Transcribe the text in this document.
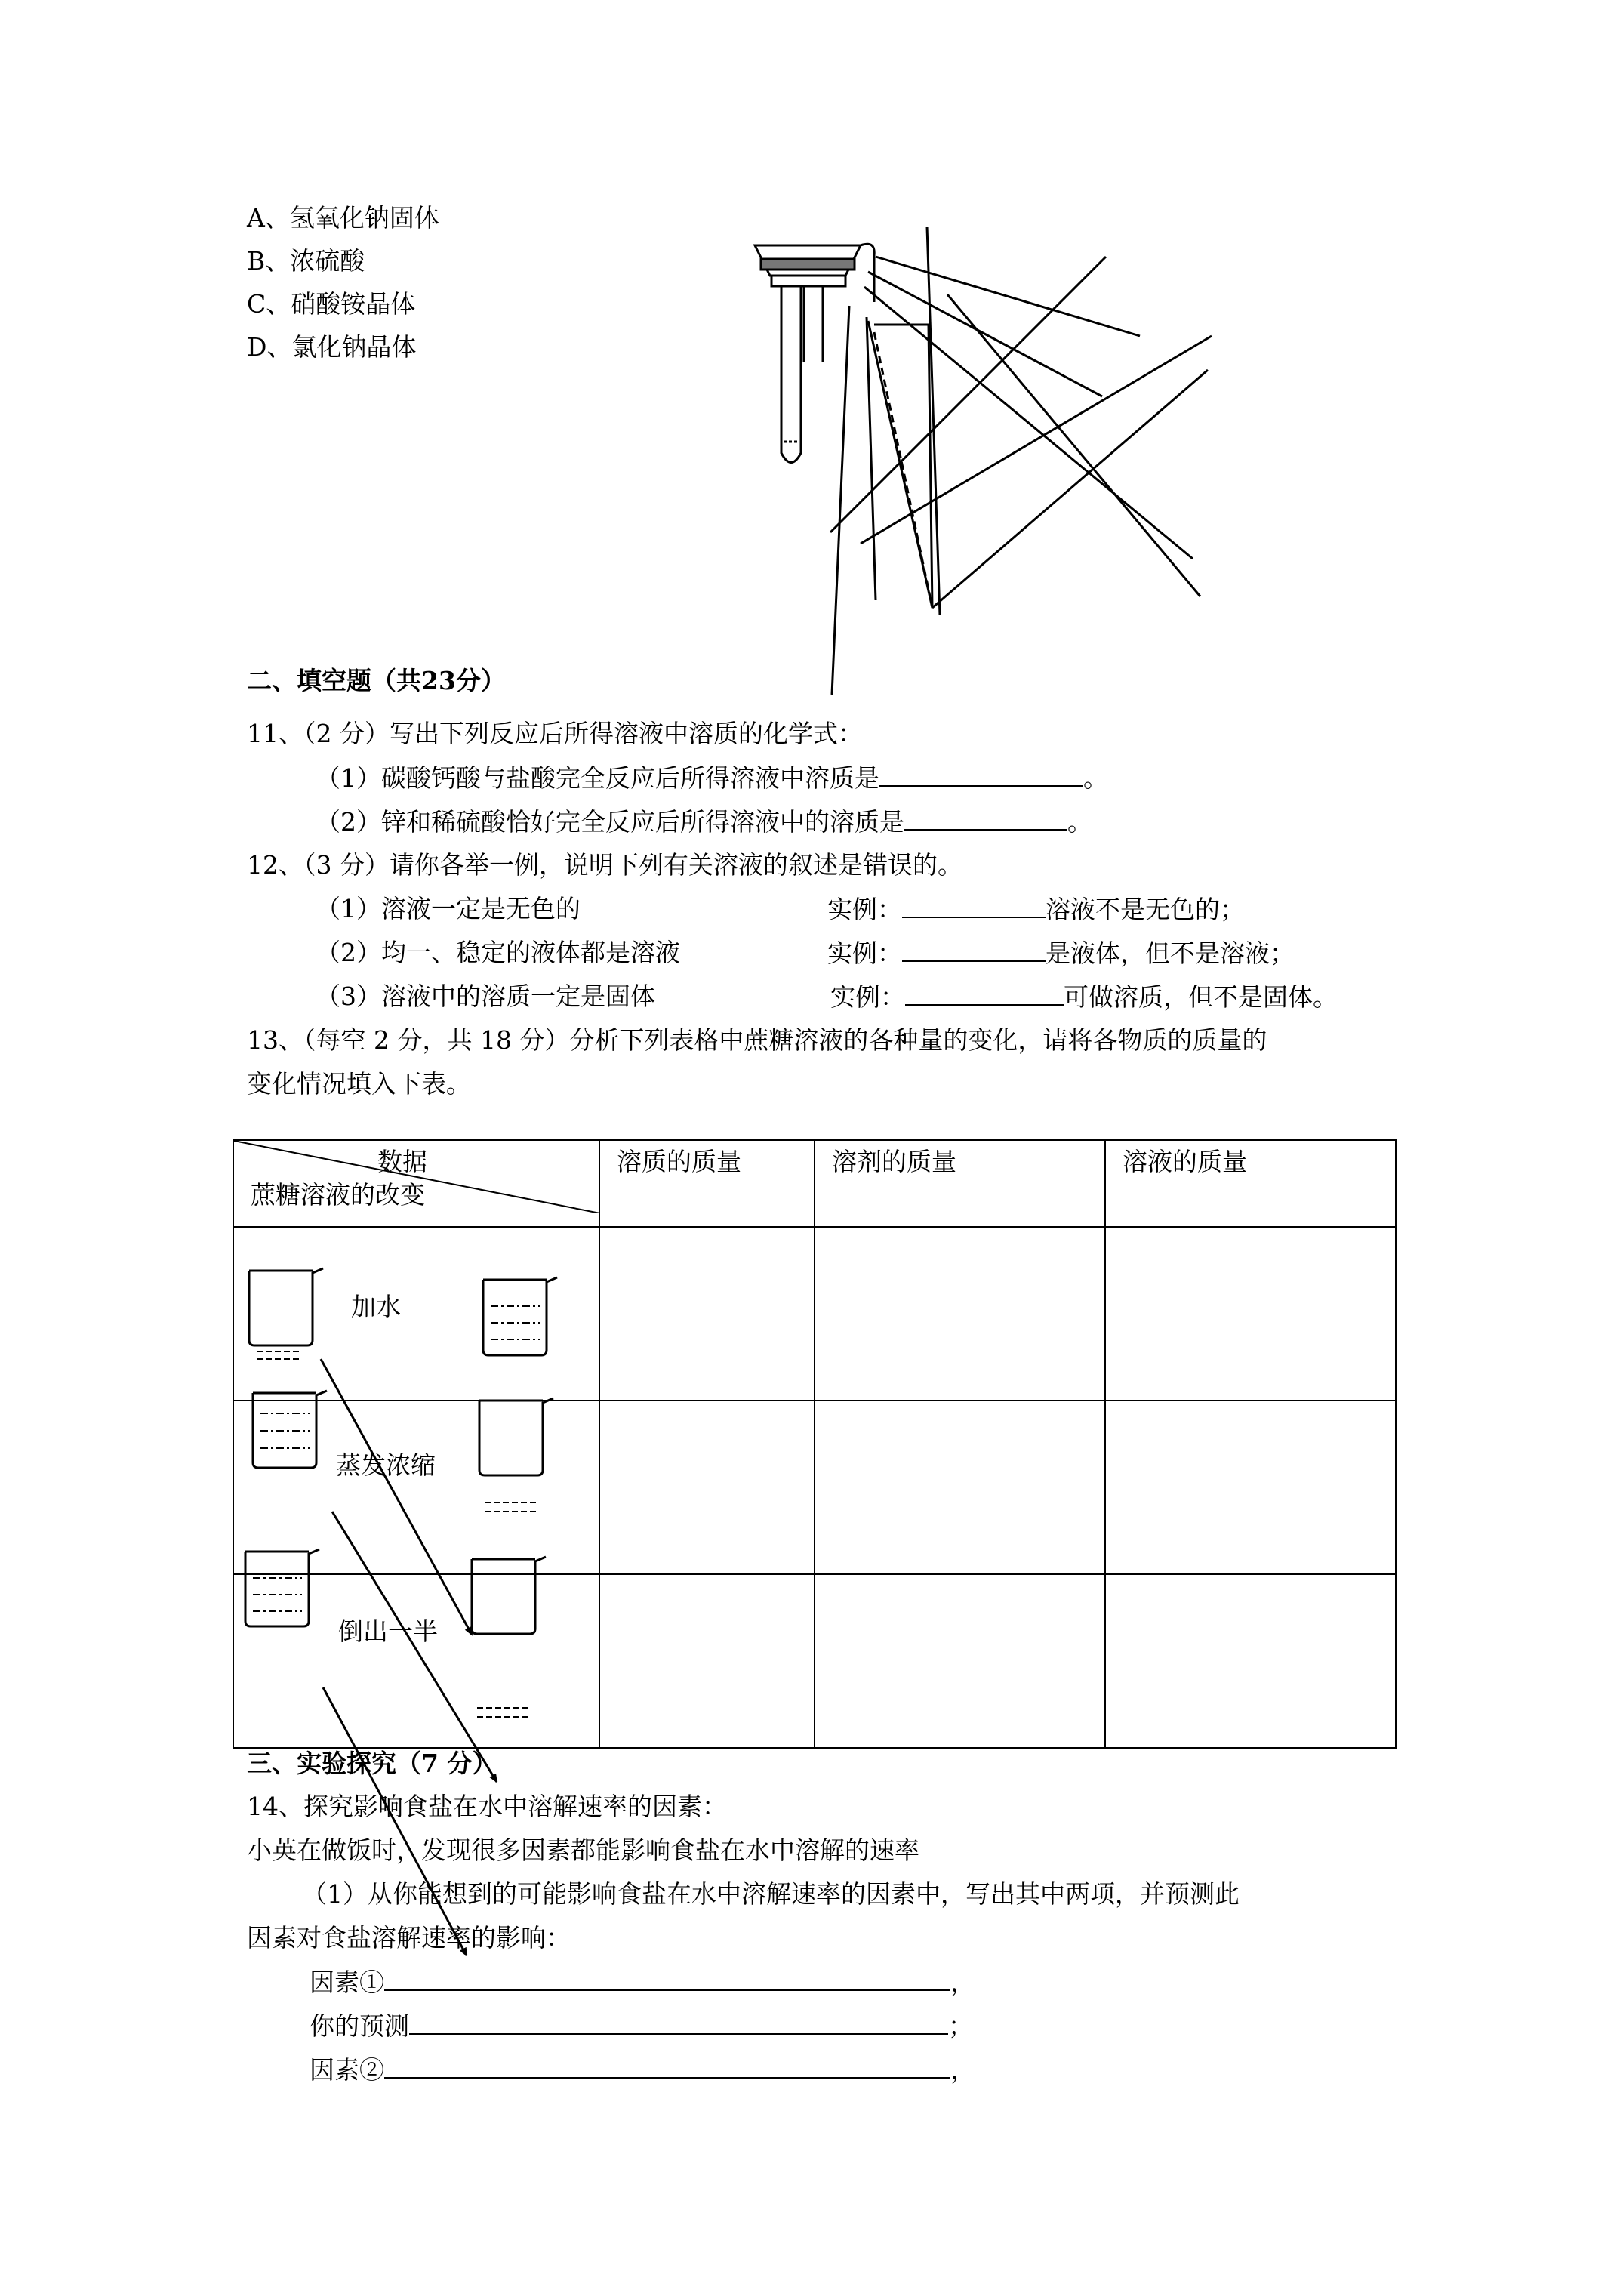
A、氢氧化钠固体
B、浓硫酸
C、硝酸铵晶体
D、氯化钠晶体
二、填空题（共23分）
11、（2 分）写出下列反应后所得溶液中溶质的化学式：
（1）碳酸钙酸与盐酸完全反应后所得溶液中溶质是	。
（2）锌和稀硫酸恰好完全反应后所得溶液中的溶质是	。
12、（3 分）请你各举一例，说明下列有关溶液的叙述是错误的。
（1）溶液一定是无色的	实例：	溶液不是无色的；
（2）均一、稳定的液体都是溶液	实例：	是液体，但不是溶液；
（3）溶液中的溶质一定是固体	实例：	可做溶质，但不是固体。
13、（每空 2 分，共 18 分）分析下列表格中蔗糖溶液的各种量的变化，请将各物质的质量的
变化情况填入下表。
数据
蔗糖溶液的改变	溶质的质量	溶剂的质量	溶液的质量

加水			

蒸发浓缩			

倒出一半			

三、实验探究（7 分）
14、探究影响食盐在水中溶解速率的因素：
小英在做饭时，发现很多因素都能影响食盐在水中溶解的速率
（1）从你能想到的可能影响食盐在水中溶解速率的因素中，写出其中两项，并预测此
因素对食盐溶解速率的影响：
因素①	，
你的预测	；
因素②	，
